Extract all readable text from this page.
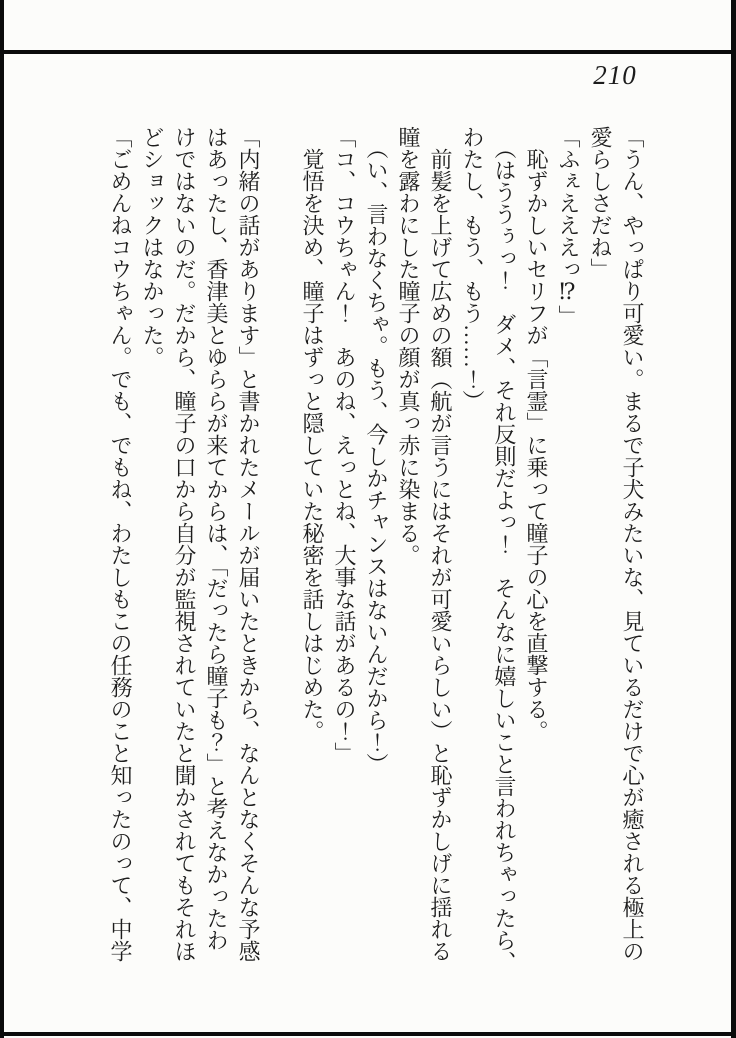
210
「うん、やっぱり可愛い。まるで子犬みたいな、見ているだけで心が癒される極上の
愛らしさだね」
「ふぇえええっ⁉」
　恥ずかしいセリフが「言霊」に乗って瞳子の心を直撃する。
　（はううぅっ！　ダメ、それ反則だよっ！　そんなに嬉しいこと言われちゃったら、
わたし、もう、もう……！）
　前髪を上げて広めの額（航が言うにはそれが可愛いらしい）と恥ずかしげに揺れる
瞳を露わにした瞳子の顔が真っ赤に染まる。
　（い、言わなくちゃ。もう、今しかチャンスはないんだから！）
「コ、コウちゃん！　あのね、えっとね、大事な話があるの！」
　覚悟を決め、瞳子はずっと隠していた秘密を話しはじめた。

「内緒の話があります」と書かれたメールが届いたときから、なんとなくそんな予感
はあったし、香津美とゆららが来てからは、「だったら瞳子も？」と考えなかったわ
けではないのだ。だから、瞳子の口から自分が監視されていたと聞かされてもそれほ
どショックはなかった。
「ごめんねコウちゃん。でも、でもね、わたしもこの任務のこと知ったのって、中学
